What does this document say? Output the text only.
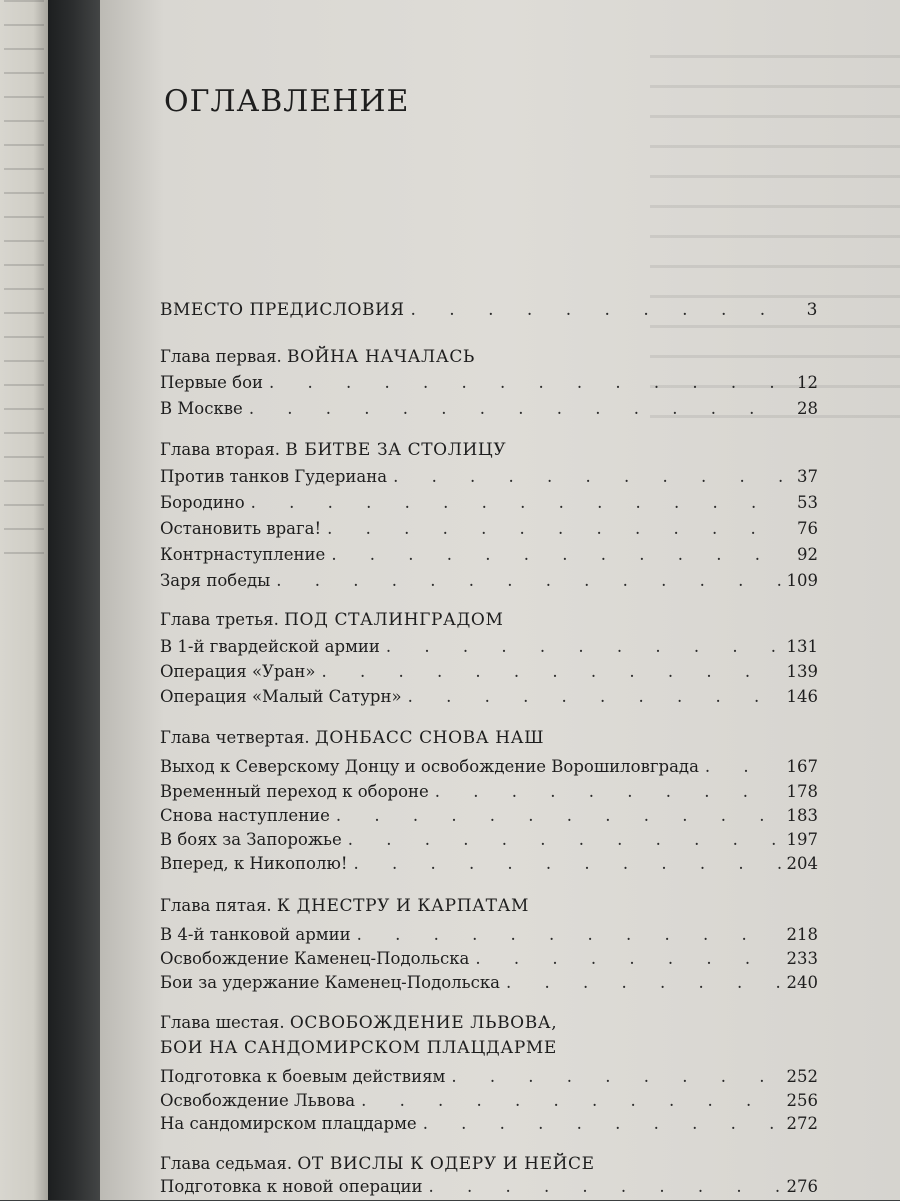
ОГЛАВЛЕНИЕ
ВМЕСТО ПРЕДИСЛОВИЯ . . .	3
Глава первая. ВОЙНА НАЧАЛАСЬ
Первые бои . . .	12
В Москве . . .	28
Глава вторая. В БИТВЕ ЗА СТОЛИЦУ
Против танков Гудериана . . .	37
Бородино . . .	53
Остановить врага! . . .	76
Контрнаступление . . .	92
Заря победы . . .	109
Глава третья. ПОД СТАЛИНГРАДОМ
В 1-й гвардейской армии . . .	131
Операция «Уран» . . .	139
Операция «Малый Сатурн» . . .	146
Глава четвертая. ДОНБАСС СНОВА НАШ
Выход к Северскому Донцу и освобождение Ворошиловграда . . .	167
Временный переход к обороне . . .	178
Снова наступление . . .	183
В боях за Запорожье . . .	197
Вперед, к Никополю! . . .	204
Глава пятая. К ДНЕСТРУ И КАРПАТАМ
В 4-й танковой армии . . .	218
Освобождение Каменец-Подольска . . .	233
Бои за удержание Каменец-Подольска . . .	240
Глава шестая. ОСВОБОЖДЕНИЕ ЛЬВОВА,
БОИ НА САНДОМИРСКОМ ПЛАЦДАРМЕ
Подготовка к боевым действиям . . .	252
Освобождение Львова . . .	256
На сандомирском плацдарме . . .	272
Глава седьмая. ОТ ВИСЛЫ К ОДЕРУ И НЕЙСЕ
Подготовка к новой операции . . .	276
